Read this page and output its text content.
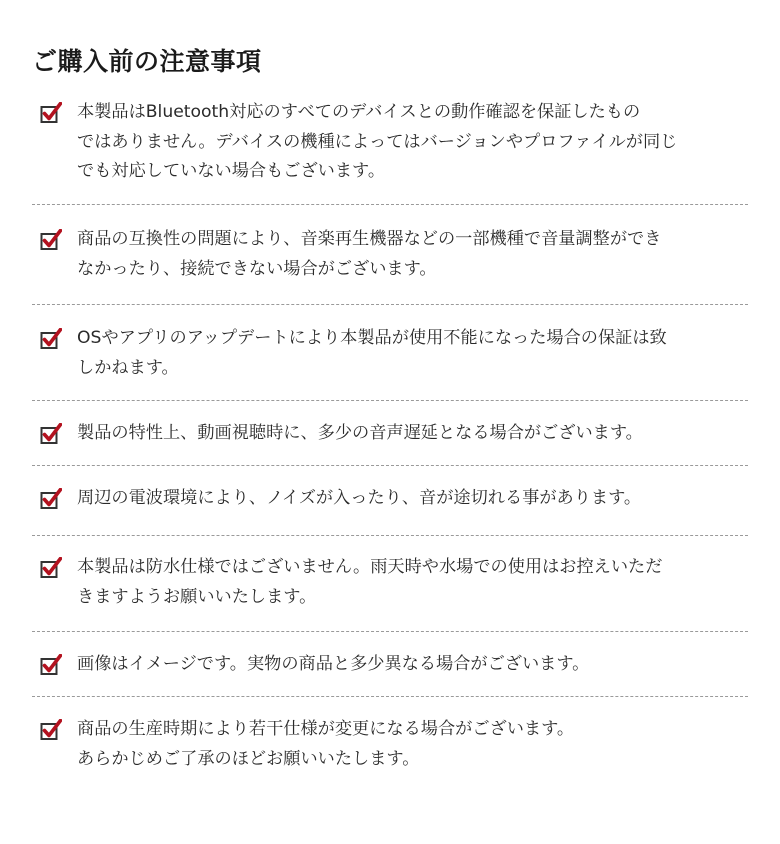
ご購入前の注意事項

本製品はBluetooth対応のすべてのデバイスとの動作確認を保証したもの
ではありません。デバイスの機種によってはバージョンやプロファイルが同じ
でも対応していない場合もございます。

商品の互換性の問題により、音楽再生機器などの一部機種で音量調整ができ
なかったり、接続できない場合がございます。

OSやアプリのアップデートにより本製品が使用不能になった場合の保証は致
しかねます。

製品の特性上、動画視聴時に、多少の音声遅延となる場合がございます。

周辺の電波環境により、ノイズが入ったり、音が途切れる事があります。

本製品は防水仕様ではございません。雨天時や水場での使用はお控えいただ
きますようお願いいたします。

画像はイメージです。実物の商品と多少異なる場合がございます。

商品の生産時期により若干仕様が変更になる場合がございます。
あらかじめご了承のほどお願いいたします。
